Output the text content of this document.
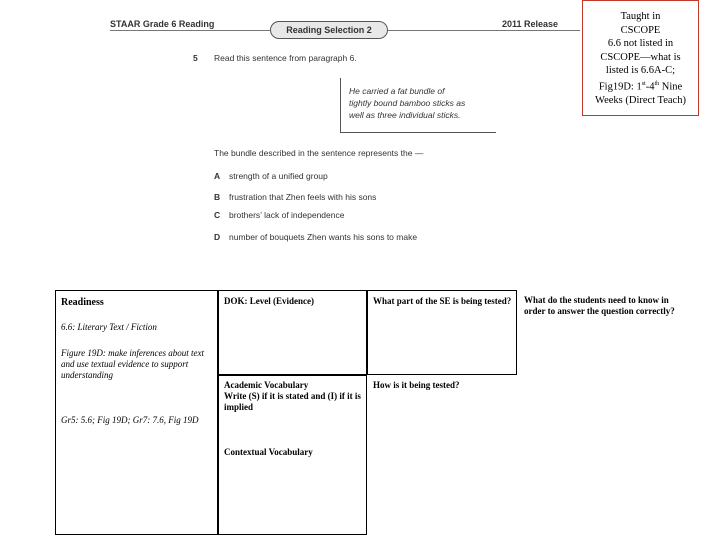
STAAR Grade 6 Reading
Reading Selection 2
2011 Release
5 Read this sentence from paragraph 6.
He carried a fat bundle of
tightly bound bamboo sticks as
well as three individual sticks.
The bundle described in the sentence represents the —
A	strength of a unified group
B	frustration that Zhen feels with his sons
C	brothers’ lack of independence
D	number of bouquets Zhen wants his sons to make
Taught in
CSCOPE
6.6 not listed in
CSCOPE—what is
listed is 6.6A-C;
Fig19D: 1st-4th Nine
Weeks (Direct Teach)
Readiness
6.6: Literary Text / Fiction
Figure 19D: make inferences about text and use textual evidence to support understanding
Gr5: 5.6; Fig 19D; Gr7: 7.6, Fig 19D
DOK: Level (Evidence)	What part of the SE is being tested?
Academic Vocabulary
Write (S) if it is stated and (I) if it is implied
Contextual Vocabulary
How is it being tested?
What do the students need to know in order to answer the question correctly?
